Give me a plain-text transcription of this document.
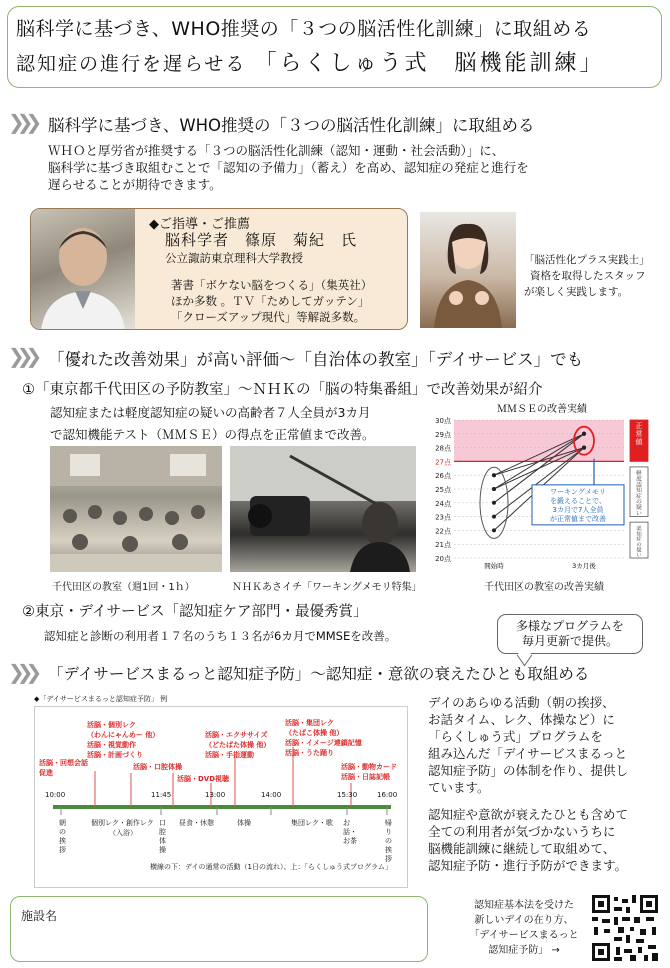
脳科学に基づき、WHO推奨の「３つの脳活性化訓練」に取組める
認知症の進行を遅らせる 「らくしゅう式　脳機能訓練」
❯❯❯ 脳科学に基づき、WHO推奨の「３つの脳活性化訓練」に取組める
ＷＨＯと厚労省が推奨する「３つの脳活性化訓練（認知・運動・社会活動）」に、
脳科学に基づき取組むことで「認知の予備力」（蓄え）を高め、認知症の発症と進行を
遅らせることが期待できます。
◆ご指導・ご推薦
脳科学者　篠原　菊紀　氏
公立諏訪東京理科大学教授
著書「ボケない脳をつくる」（集英社）
ほか多数 。ＴＶ「ためしてガッテン」
「クローズアップ現代」等解説多数。
「脳活性化プラス実践士」
資格を取得したスタッフ
が楽しく実践します。
❯❯❯ 「優れた改善効果」が高い評価～「自治体の教室」「デイサービス」でも
①「東京都千代田区の予防教室」～ＮＨＫの「脳の特集番組」で改善効果が紹介
認知症または軽度認知症の疑いの高齢者７人全員が3カ月
で認知機能テスト（ＭＭＳＥ）の得点を正常値まで改善。
千代田区の教室（週1回・1ｈ）	ＮＨＫあさイチ「ワーキングメモリ特集」
ＭＭＳＥの改善実績
30点
29点
28点
27点
26点
25点
24点
23点
22点
21点
20点
開始時	3カ月後
ワーキングメモリ
を鍛えることで、
3カ月で7人全員
が正常値まで改善
正
常
値
軽
度
認
知
症
の
疑
い
認
知
症
の
疑
い
千代田区の教室の改善実績
②東京・デイサービス「認知症ケア部門・最優秀賞」
認知症と診断の利用者１７名のうち１３名が6カ月でMMSEを改善。
多様なプログラムを
毎月更新で提供。
❯❯❯ 「デイサービスまるっと認知症予防」～認知症・意欲の衰えたひとも取組める
◆「デイサービスまるっと認知症予防」 例
10:00	11:45	13:00	14:00	15:30	16:00
活脳・回想会話
促進
活脳・個別レク
（わんにゃんめー 他）
活脳・視覚動作
活脳・計画づくり
活脳・口腔体操
活脳・DVD視聴
活脳・エクササイズ
（どたばた体操 他）
活脳・手指運動
活脳・集団レク
（たばこ体操 他）
活脳・イメージ連鎖記憶
活脳・うた踊り
活脳・動物カード
活脳・日誌記帳
朝の挨拶
個別レク・創作レク
（入浴）
口腔体操
昼食・休憩	体操	集団レク・歌 お話・お茶
帰りの挨拶
横線の下：デイの通常の活動（1日の流れ）、上：「らくしゅう式プログラム」
デイのあらゆる活動（朝の挨拶、
お話タイム、レク、体操など）に
「らくしゅう式」プログラムを
組み込んだ「デイサービスまるっと
認知症予防」の体制を作り、提供し
ています。
認知症や意欲が衰えたひとも含めて
全ての利用者が気づかないうちに
脳機能訓練に継続して取組めて、
認知症予防・進行予防ができます。
施設名
認知症基本法を受けた
新しいデイの在り方、
「デイサービスまるっと
認知症予防」 →
